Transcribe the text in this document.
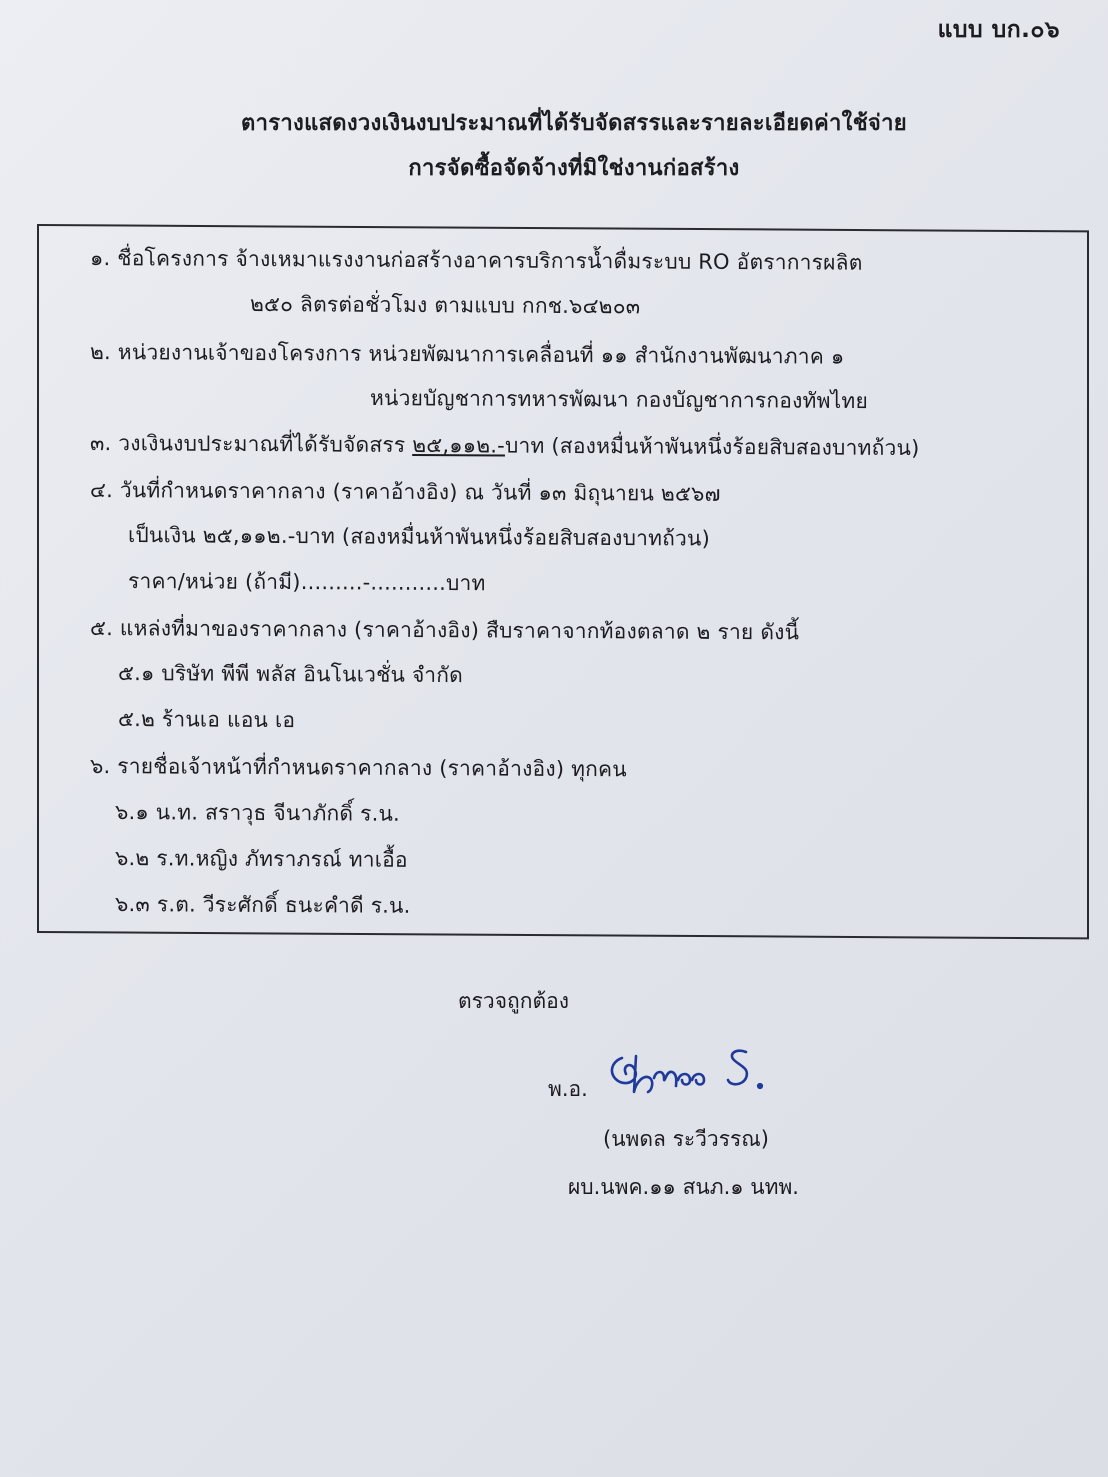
แบบ บก.๐๖
ตารางแสดงวงเงินงบประมาณที่ได้รับจัดสรรและรายละเอียดค่าใช้จ่าย
การจัดซื้อจัดจ้างที่มิใช่งานก่อสร้าง
๑. ชื่อโครงการ จ้างเหมาแรงงานก่อสร้างอาคารบริการน้ำดื่มระบบ RO อัตราการผลิต
๒๕๐ ลิตรต่อชั่วโมง ตามแบบ กกช.๖๔๒๐๓
๒. หน่วยงานเจ้าของโครงการ หน่วยพัฒนาการเคลื่อนที่ ๑๑ สำนักงานพัฒนาภาค ๑
หน่วยบัญชาการทหารพัฒนา กองบัญชาการกองทัพไทย
๓. วงเงินงบประมาณที่ได้รับจัดสรร ๒๕,๑๑๒.-บาท (สองหมื่นห้าพันหนึ่งร้อยสิบสองบาทถ้วน)
๔. วันที่กำหนดราคากลาง (ราคาอ้างอิง) ณ วันที่ ๑๓ มิถุนายน ๒๕๖๗
เป็นเงิน ๒๕,๑๑๒.-บาท (สองหมื่นห้าพันหนึ่งร้อยสิบสองบาทถ้วน)
ราคา/หน่วย (ถ้ามี).........-...........บาท
๕. แหล่งที่มาของราคากลาง (ราคาอ้างอิง) สืบราคาจากท้องตลาด ๒ ราย ดังนี้
๕.๑ บริษัท พีพี พลัส อินโนเวชั่น จำกัด
๕.๒ ร้านเอ แอน เอ
๖. รายชื่อเจ้าหน้าที่กำหนดราคากลาง (ราคาอ้างอิง) ทุกคน
๖.๑ น.ท. สราวุธ จีนาภักดิ์ ร.น.
๖.๒ ร.ท.หญิง ภัทราภรณ์ ทาเอื้อ
๖.๓ ร.ต. วีระศักดิ์ ธนะคำดี ร.น.
ตรวจถูกต้อง
พ.อ.
(นพดล ระวีวรรณ)
ผบ.นพค.๑๑ สนภ.๑ นทพ.
